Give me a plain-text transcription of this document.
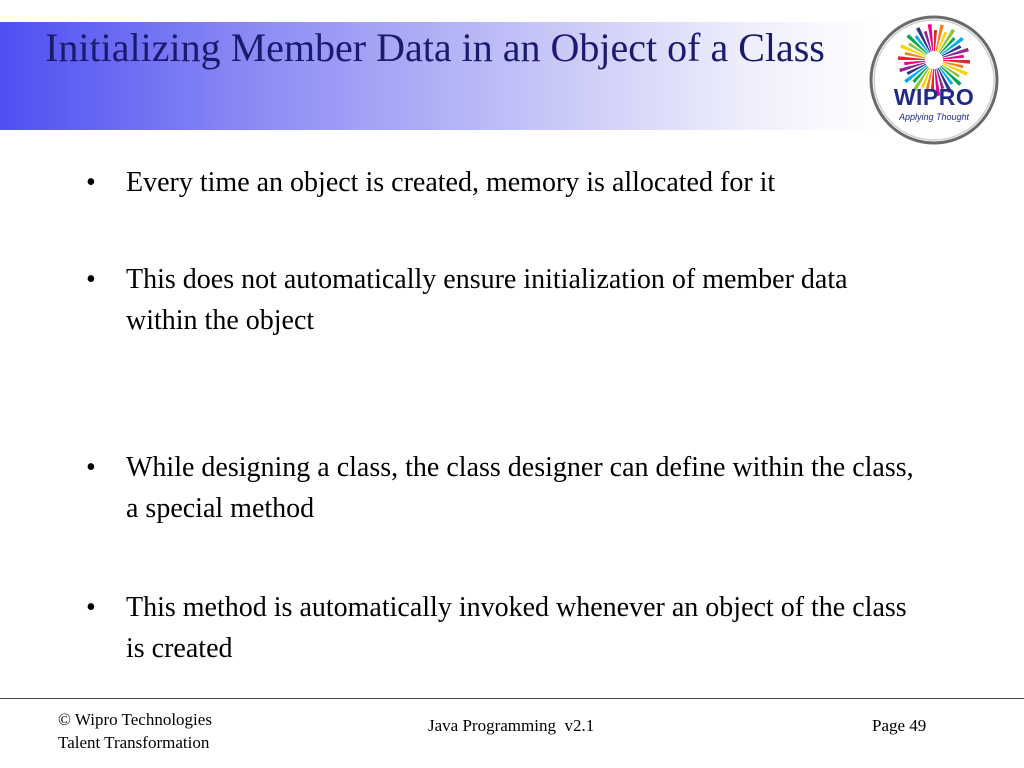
Initializing Member Data in an Object of a Class
WIPRO
Applying Thought
• Every time an object is created, memory is allocated for it
• This does not automatically ensure initialization of member data within the object
• While designing a class, the class designer can define within the class, a special method
• This method is automatically invoked whenever an object of the class is created
© Wipro Technologies
Talent Transformation
Java Programming  v2.1	Page 49
